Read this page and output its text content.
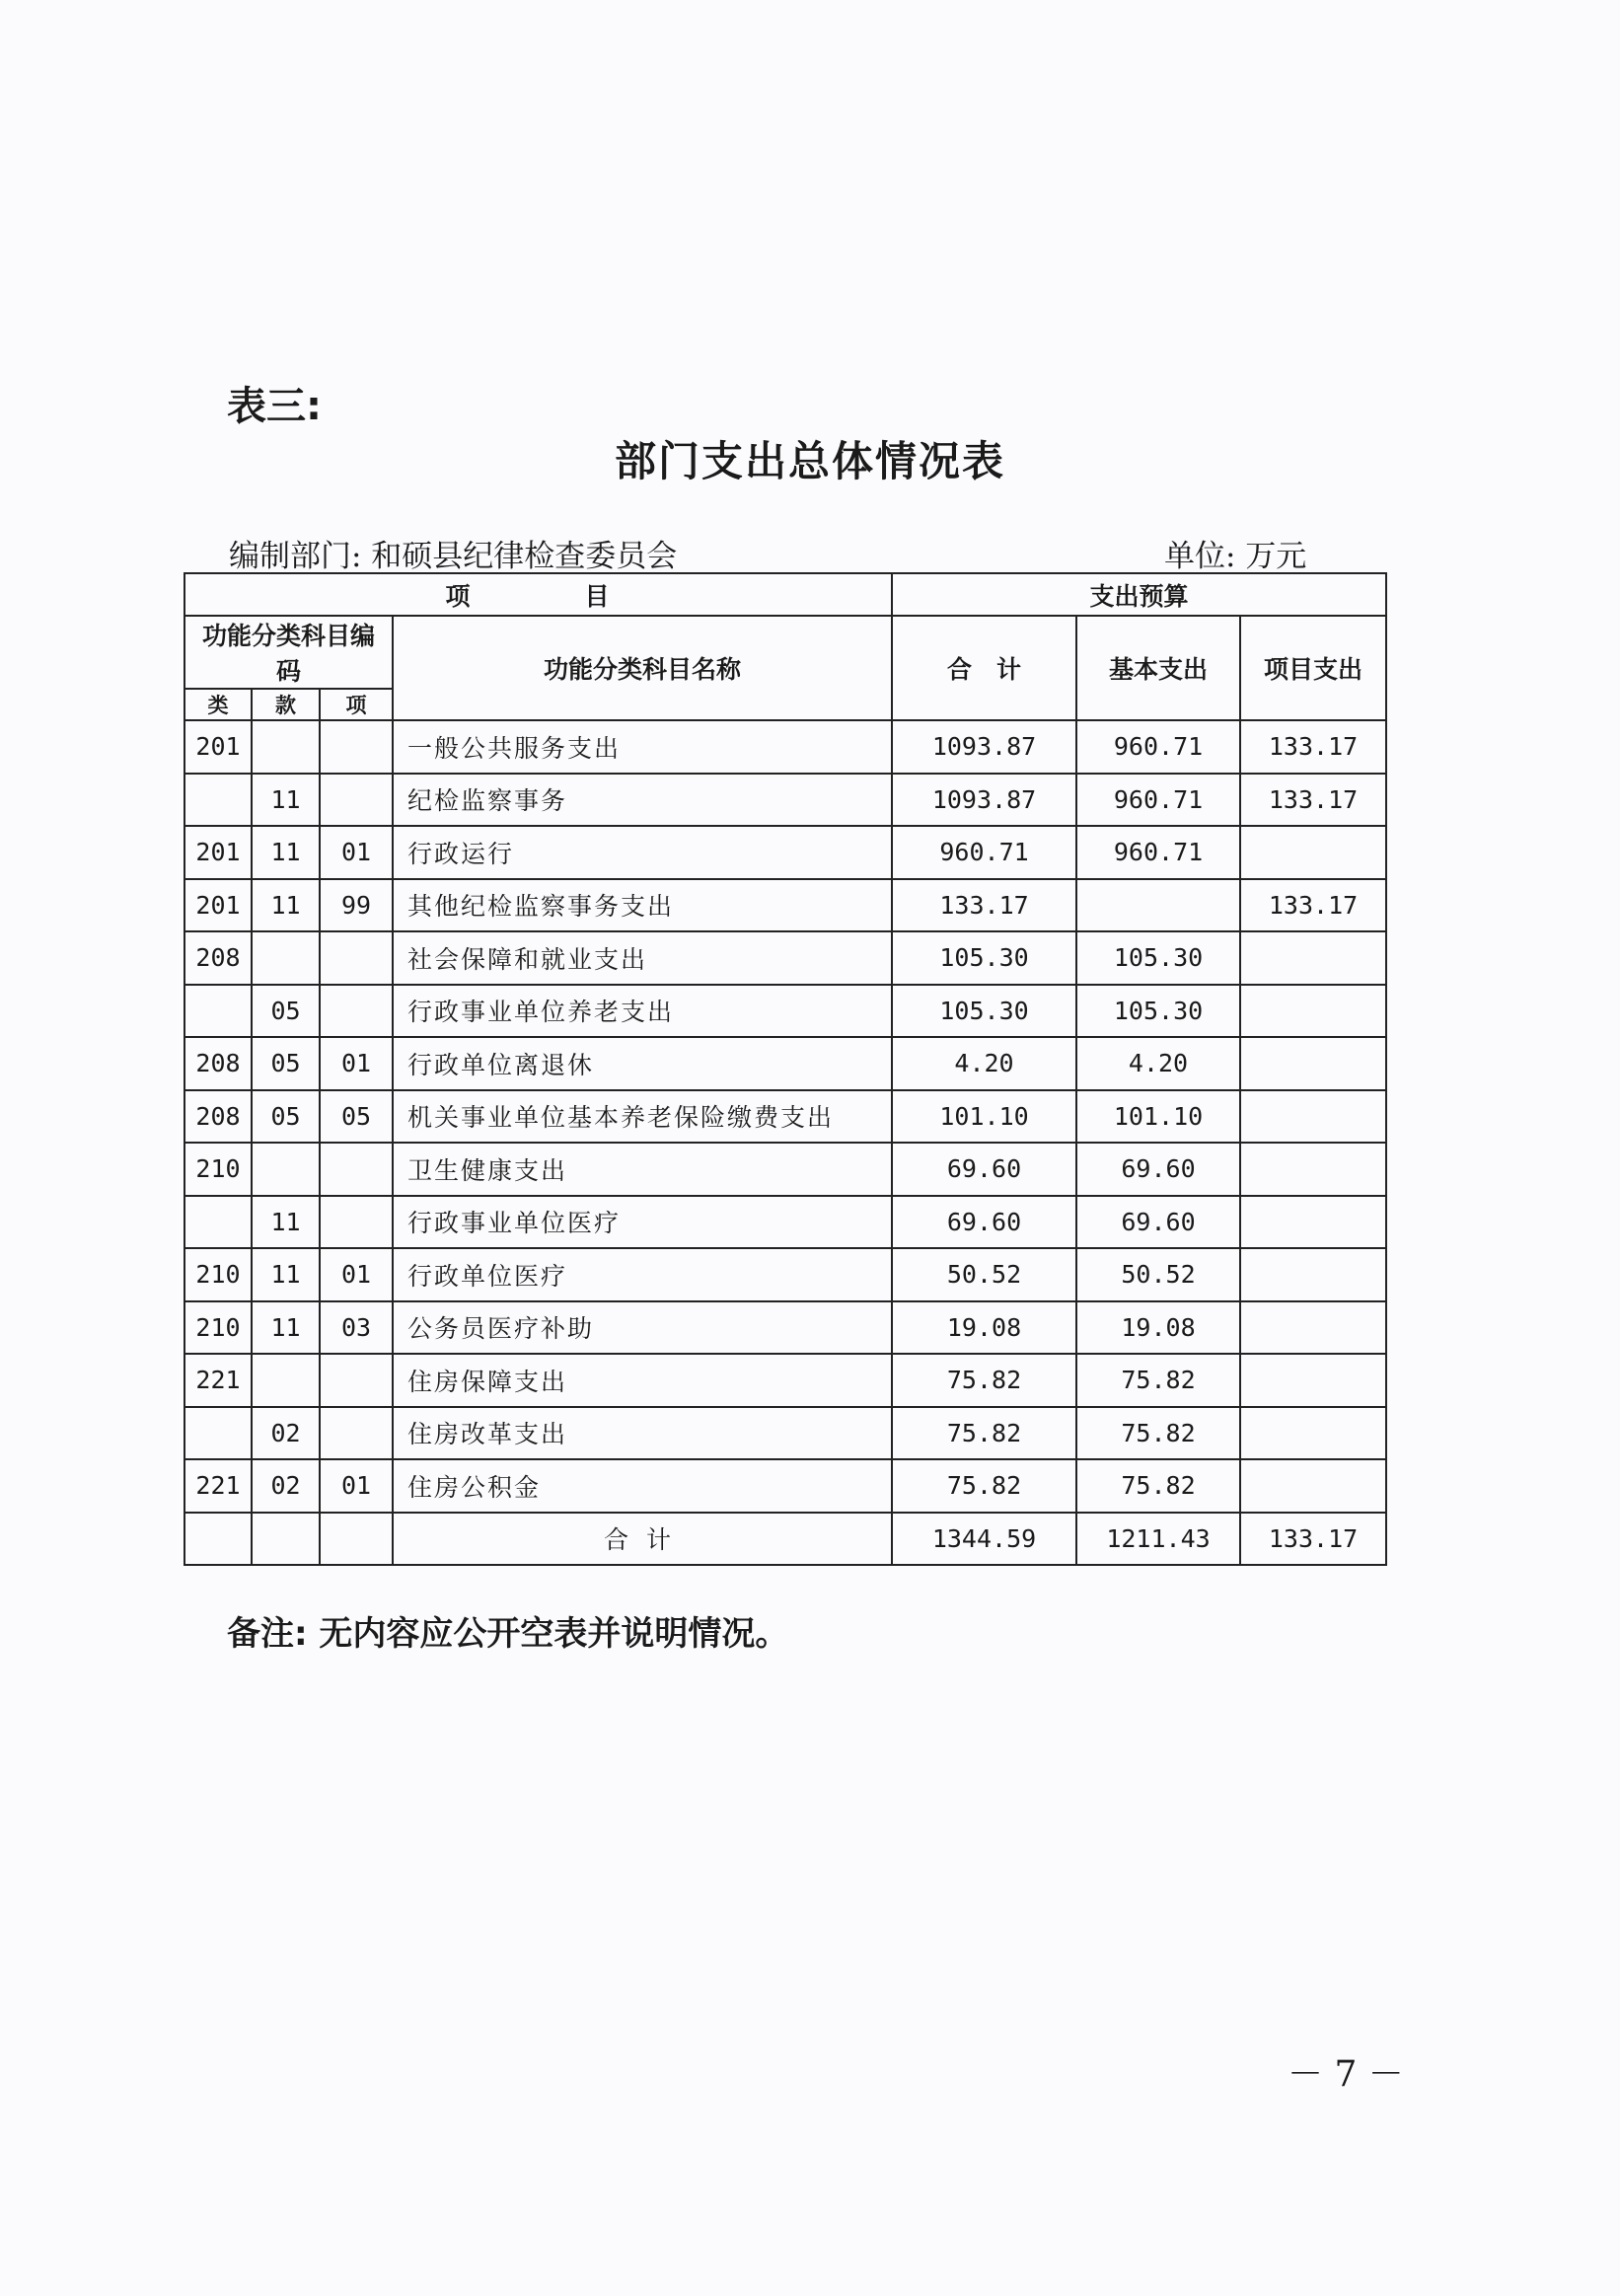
表三:
部门支出总体情况表
编制部门: 和硕县纪律检查委员会	单位: 万元
项　　目				支出预算		
功能分类科目编码			功能分类科目名称	合　计	基本支出	项目支出
类	款	项				
201			一般公共服务支出	1093.87	960.71	133.17
	11		纪检监察事务	1093.87	960.71	133.17
201	11	01	行政运行	960.71	960.71	
201	11	99	其他纪检监察事务支出	133.17		133.17
208			社会保障和就业支出	105.30	105.30	
	05		行政事业单位养老支出	105.30	105.30	
208	05	01	行政单位离退休	4.20	4.20	
208	05	05	机关事业单位基本养老保险缴费支出	101.10	101.10	
210			卫生健康支出	69.60	69.60	
	11		行政事业单位医疗	69.60	69.60	
210	11	01	行政单位医疗	50.52	50.52	
210	11	03	公务员医疗补助	19.08	19.08	
221			住房保障支出	75.82	75.82	
	02		住房改革支出	75.82	75.82	
221	02	01	住房公积金	75.82	75.82	
			合计	1344.59	1211.43	133.17
备注: 无内容应公开空表并说明情况。
－ 7 －
